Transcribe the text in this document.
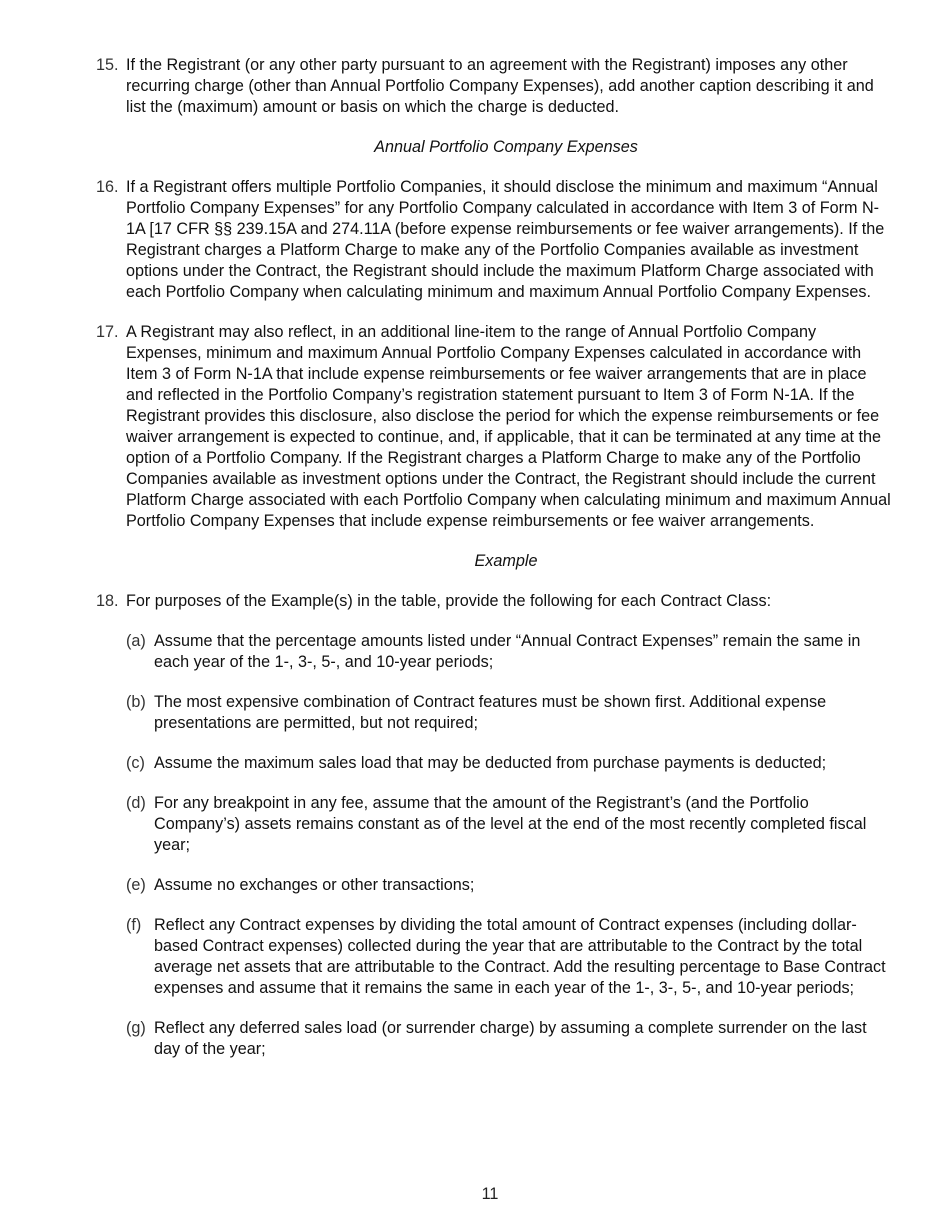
15. If the Registrant (or any other party pursuant to an agreement with the Registrant) imposes any other recurring charge (other than Annual Portfolio Company Expenses), add another caption describing it and list the (maximum) amount or basis on which the charge is deducted.
Annual Portfolio Company Expenses
16. If a Registrant offers multiple Portfolio Companies, it should disclose the minimum and maximum “Annual Portfolio Company Expenses” for any Portfolio Company calculated in accordance with Item 3 of Form N-1A [17 CFR §§ 239.15A and 274.11A (before expense reimbursements or fee waiver arrangements). If the Registrant charges a Platform Charge to make any of the Portfolio Companies available as investment options under the Contract, the Registrant should include the maximum Platform Charge associated with each Portfolio Company when calculating minimum and maximum Annual Portfolio Company Expenses.
17. A Registrant may also reflect, in an additional line-item to the range of Annual Portfolio Company Expenses, minimum and maximum Annual Portfolio Company Expenses calculated in accordance with Item 3 of Form N-1A that include expense reimbursements or fee waiver arrangements that are in place and reflected in the Portfolio Company’s registration statement pursuant to Item 3 of Form N-1A. If the Registrant provides this disclosure, also disclose the period for which the expense reimbursements or fee waiver arrangement is expected to continue, and, if applicable, that it can be terminated at any time at the option of a Portfolio Company. If the Registrant charges a Platform Charge to make any of the Portfolio Companies available as investment options under the Contract, the Registrant should include the current Platform Charge associated with each Portfolio Company when calculating minimum and maximum Annual Portfolio Company Expenses that include expense reimbursements or fee waiver arrangements.
Example
18. For purposes of the Example(s) in the table, provide the following for each Contract Class:
(a) Assume that the percentage amounts listed under “Annual Contract Expenses” remain the same in each year of the 1-, 3-, 5-, and 10-year periods;
(b) The most expensive combination of Contract features must be shown first. Additional expense presentations are permitted, but not required;
(c) Assume the maximum sales load that may be deducted from purchase payments is deducted;
(d) For any breakpoint in any fee, assume that the amount of the Registrant’s (and the Portfolio Company’s) assets remains constant as of the level at the end of the most recently completed fiscal year;
(e) Assume no exchanges or other transactions;
(f) Reflect any Contract expenses by dividing the total amount of Contract expenses (including dollar-based Contract expenses) collected during the year that are attributable to the Contract by the total average net assets that are attributable to the Contract. Add the resulting percentage to Base Contract expenses and assume that it remains the same in each year of the 1-, 3-, 5-, and 10-year periods;
(g) Reflect any deferred sales load (or surrender charge) by assuming a complete surrender on the last day of the year;
11
